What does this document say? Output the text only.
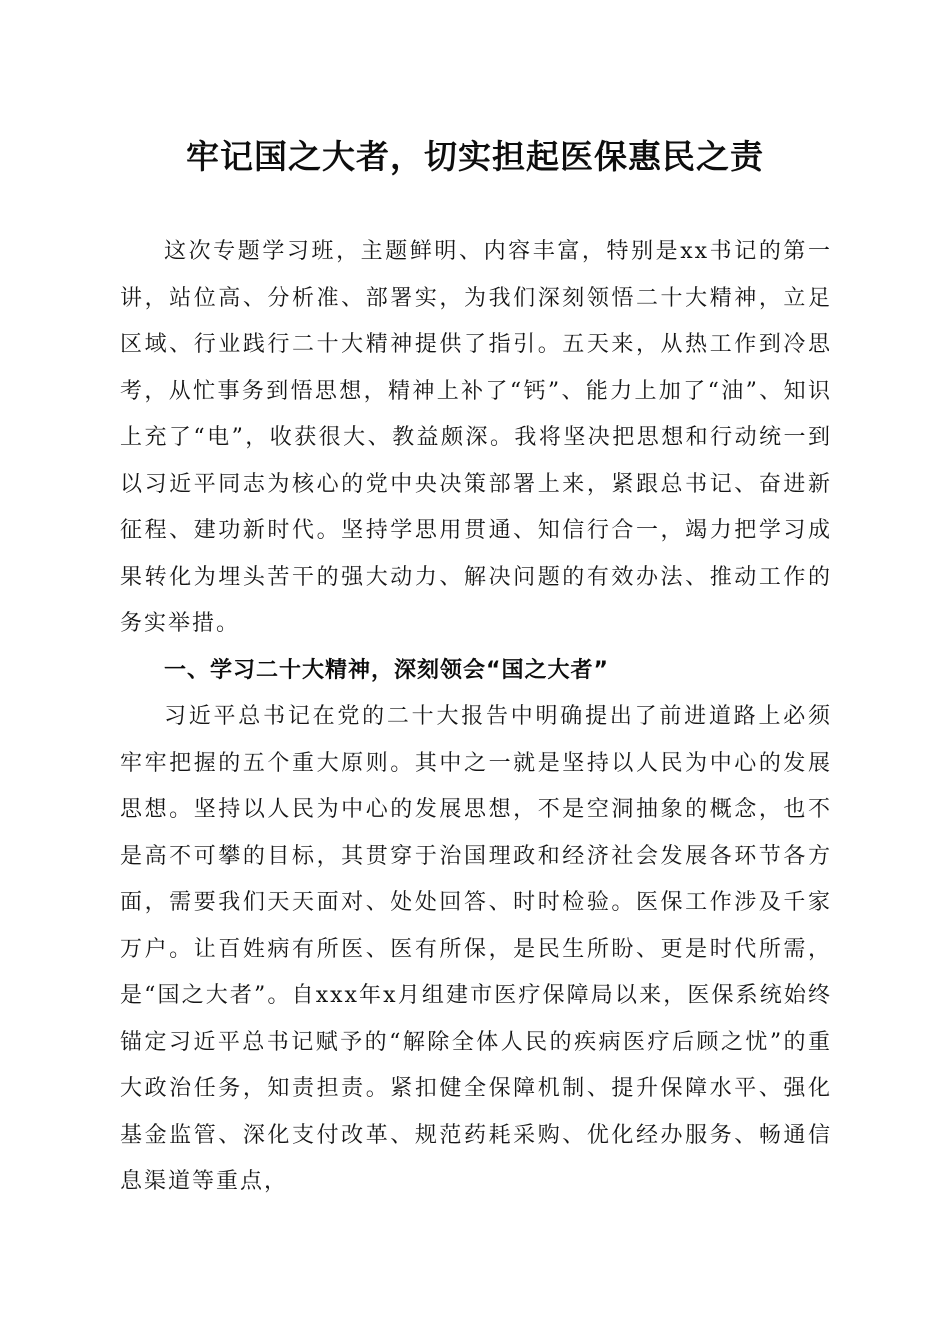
牢记国之大者，切实担起医保惠民之责

这次专题学习班，主题鲜明、内容丰富，特别是xx书记的第一讲，站位高、分析准、部署实，为我们深刻领悟二十大精神，立足区域、行业践行二十大精神提供了指引。五天来，从热工作到冷思考，从忙事务到悟思想，精神上补了“钙”、能力上加了“油”、知识上充了“电”，收获很大、教益颇深。我将坚决把思想和行动统一到以习近平同志为核心的党中央决策部署上来，紧跟总书记、奋进新征程、建功新时代。坚持学思用贯通、知信行合一，竭力把学习成果转化为埋头苦干的强大动力、解决问题的有效办法、推动工作的务实举措。

一、学习二十大精神，深刻领会“国之大者”

习近平总书记在党的二十大报告中明确提出了前进道路上必须牢牢把握的五个重大原则。其中之一就是坚持以人民为中心的发展思想。坚持以人民为中心的发展思想，不是空洞抽象的概念，也不是高不可攀的目标，其贯穿于治国理政和经济社会发展各环节各方面，需要我们天天面对、处处回答、时时检验。医保工作涉及千家万户。让百姓病有所医、医有所保，是民生所盼、更是时代所需，是“国之大者”。自xxx年x月组建市医疗保障局以来，医保系统始终锚定习近平总书记赋予的“解除全体人民的疾病医疗后顾之忧”的重大政治任务，知责担责。紧扣健全保障机制、提升保障水平、强化基金监管、深化支付改革、规范药耗采购、优化经办服务、畅通信息渠道等重点，
